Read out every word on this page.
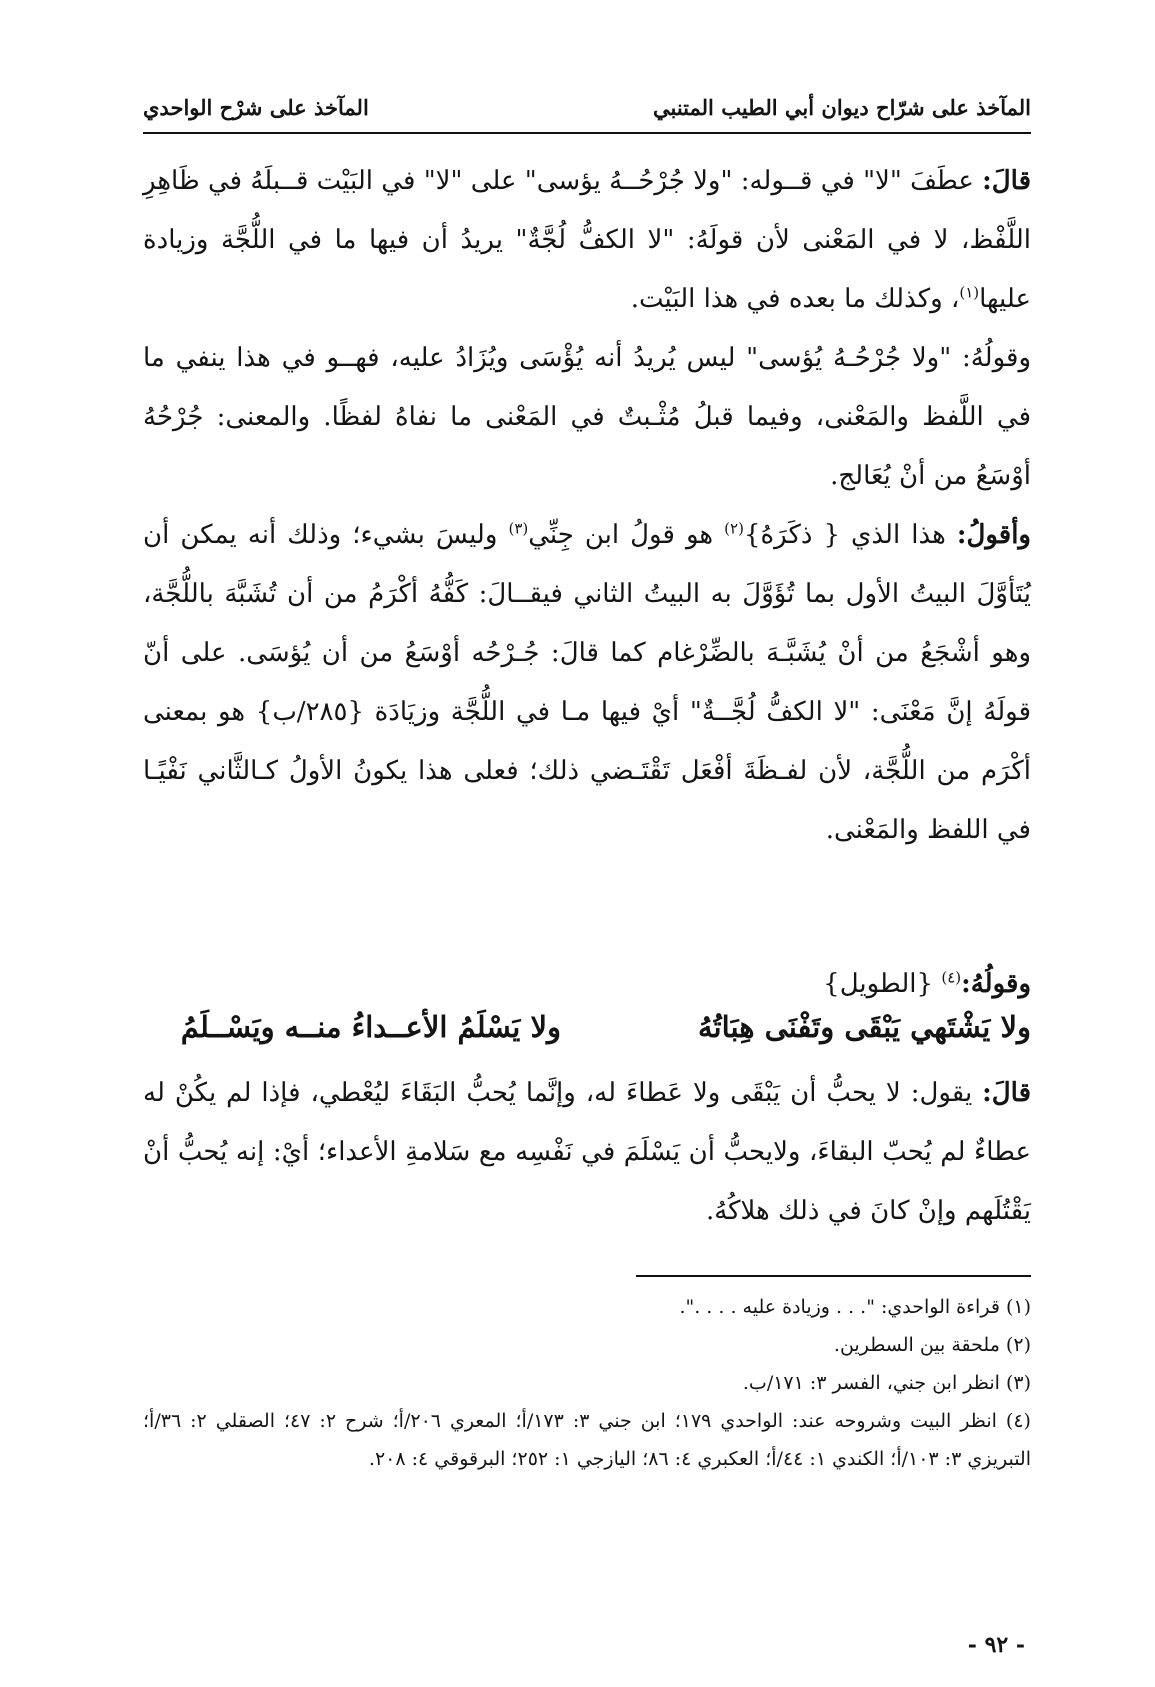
المآخذ على شرّاح ديوان أبي الطيب المتنبي
المآخذ على شرْح الواحدي

قالَ: عطَفَ "لا" في قــوله: "ولا جُرْحُــهُ يؤسى" على "لا" في البَيْت قــبلَهُ في ظَاهِرِ اللَّفْظ، لا في المَعْنى لأن قولَهُ: "لا الكفُّ لُجَّةٌ" يريدُ أن فيها ما في اللُّجَّة وزيادة عليها$^{(١)}$، وكذلك ما بعده في هذا البَيْت.

وقولُهُ: "ولا جُرْحُـهُ يُؤسى" ليس يُريدُ أنه يُؤْسَى ويُزَادُ عليه، فهــو في هذا ينفي ما في اللَّفظ والمَعْنى، وفيما قبلُ مُثْـبتٌ في المَعْنى ما نفاهُ لفظًا. والمعنى: جُرْحُهُ أوْسَعُ من أنْ يُعَالج.

وأقولُ: هذا الذي { ذكَرَهُ}$^{(٢)}$ هو قولُ ابن جِنِّي$^{(٣)}$ وليسَ بشيء؛ وذلك أنه يمكن أن يُتَأوَّلَ البيتُ الأول بما تُؤَوَّلَ به البيتُ الثاني فيقــالَ: كَفُّهُ أكْرَمُ من أن تُشَبَّهَ باللُّجَّة، وهو أشْجَعُ من أنْ يُشَبَّـهَ بالضِّرْغام كما قالَ: جُـرْحُه أوْسَعُ من أن يُؤسَى. على أنّ قولَهُ إنَّ مَعْنَى: "لا الكفُّ لُجَّــةٌ" أيْ فيها مـا في اللُّجَّة وزيَادَة {٢٨٥/ب} هو بمعنى أكْرَم من اللُّجَّة، لأن لفـظَةَ أفْعَل تَقْتَـضي ذلك؛ فعلى هذا يكونُ الأولُ كـالثَّاني نَفْيًـا في اللفظ والمَعْنى.

وقولُهُ:$^{(٤)}$ {الطويل}

ولا يَشْتَهي يَبْقَى وتَفْنَى هِبَاتُهُ
ولا يَسْلَمُ الأعــداءُ منــه ويَسْــلَمُ

قالَ: يقول: لا يحبُّ أن يَبْقَى ولا عَطاءَ له، وإنَّما يُحبُّ البَقَاءَ ليُعْطي، فإذا لم يكُنْ له عطاءٌ لم يُحبّ البقاءَ، ولايحبُّ أن يَسْلَمَ في نَفْسِه مع سَلامةِ الأعداء؛ أيْ: إنه يُحبُّ أنْ يَقْتُلَهم وإنْ كانَ في ذلك هلاكُهُ.

(١) قراءة الواحدي: ". . . وزيادة عليه . . . .".

(٢) ملحقة بين السطرين.

(٣) انظر ابن جني، الفسر ٣: ١٧١/ب.

(٤) انظر البيت وشروحه عند: الواحدي ١٧٩؛ ابن جني ٣: ١٧٣/أ؛ المعري ٢٠٦/أ؛ شرح ٢: ٤٧؛ الصقلي ٢: ٣٦/أ؛ التبريزي ٣: ١٠٣/أ؛ الكندي ١: ٤٤/أ؛ العكبري ٤: ٨٦؛ اليازجي ١: ٢٥٢؛ البرقوقي ٤: ٢٠٨.

- ٩٢ -
